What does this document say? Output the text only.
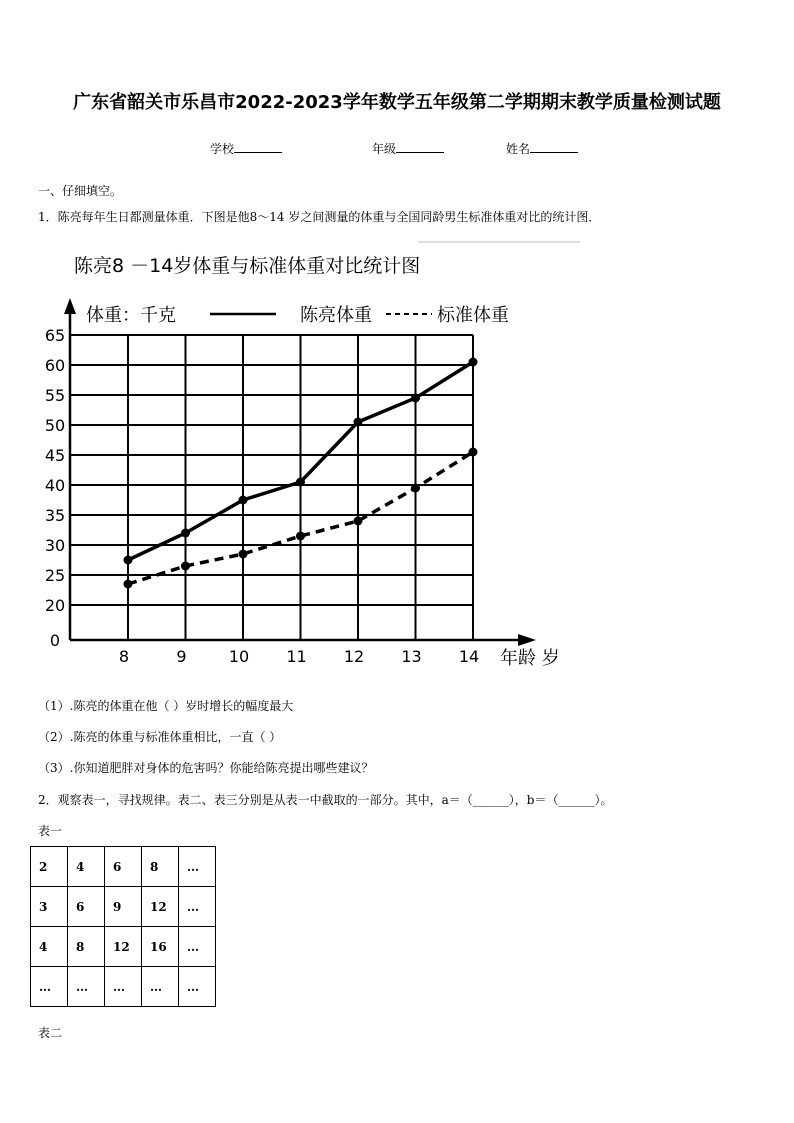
广东省韶关市乐昌市2022-2023学年数学五年级第二学期期末教学质量检测试题
学校	年级	姓名
一、仔细填空。
1．陈亮每年生日都测量体重．下图是他8～14 岁之间测量的体重与全国同龄男生标准体重对比的统计图．
陈亮8 －14岁体重与标准体重对比统计图
0
20
25
30
35
40
45
50
55
60
65
8	9	10 11 12 13 14
体重：千克	陈亮体重	标准体重
年龄 岁
（1）.陈亮的体重在他（ ）岁时增长的幅度最大
（2）.陈亮的体重与标准体重相比，一直（ ）
（3）.你知道肥胖对身体的危害吗？你能给陈亮提出哪些建议？
2．观察表一，寻找规律。表二、表三分别是从表一中截取的一部分。其中，a＝（______），b＝（______）。
表一
2	4	6	8	…
3	6	9	12	…
4	8	12	16	…
…	…	…	…	…
表二
